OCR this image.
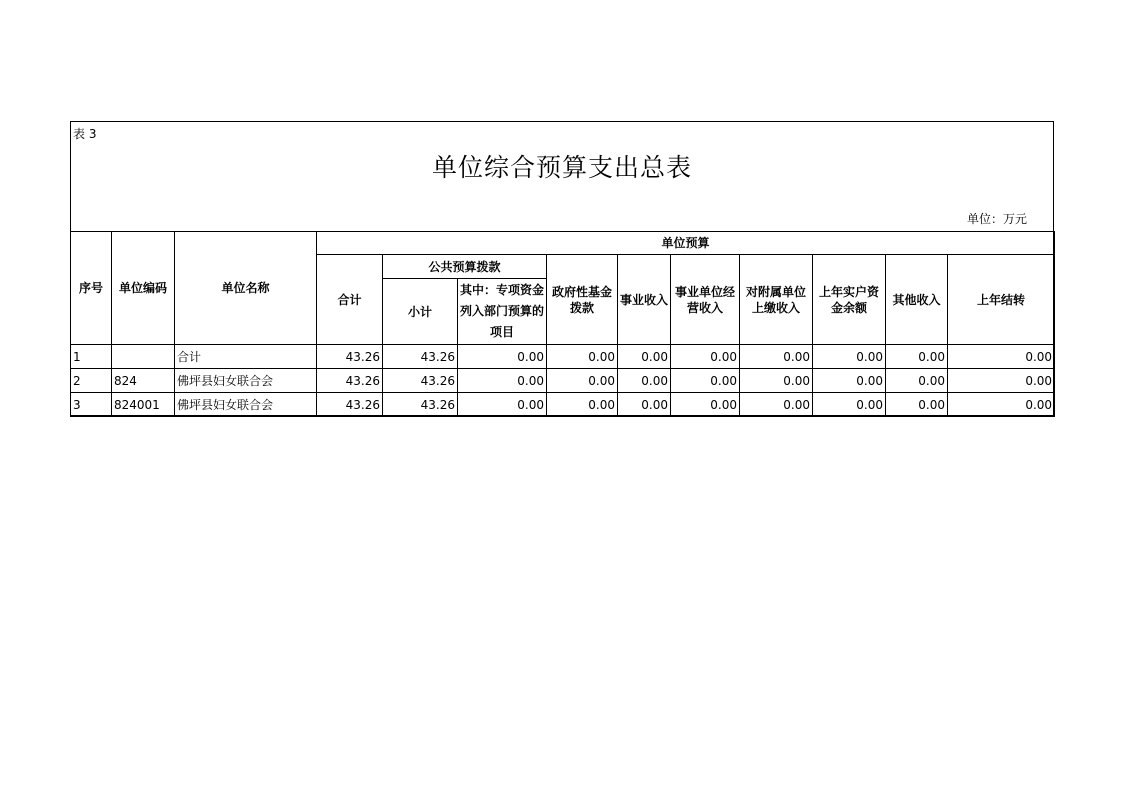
表 3
单位综合预算支出总表
单位：万元
序号	单位编码	单位名称	单位预算									
			合计	公共预算拨款		政府性基金拨款	事业收入	事业单位经营收入	对附属单位上缴收入	上年实户资金余额	其他收入	上年结转
				小计	其中：专项资金列入部门预算的项目							

1		合计	43.26	43.26	0.00	0.00	0.00	0.00	0.00	0.00	0.00	0.00
2	824	佛坪县妇女联合会	43.26	43.26	0.00	0.00	0.00	0.00	0.00	0.00	0.00	0.00
3	824001	佛坪县妇女联合会	43.26	43.26	0.00	0.00	0.00	0.00	0.00	0.00	0.00	0.00
